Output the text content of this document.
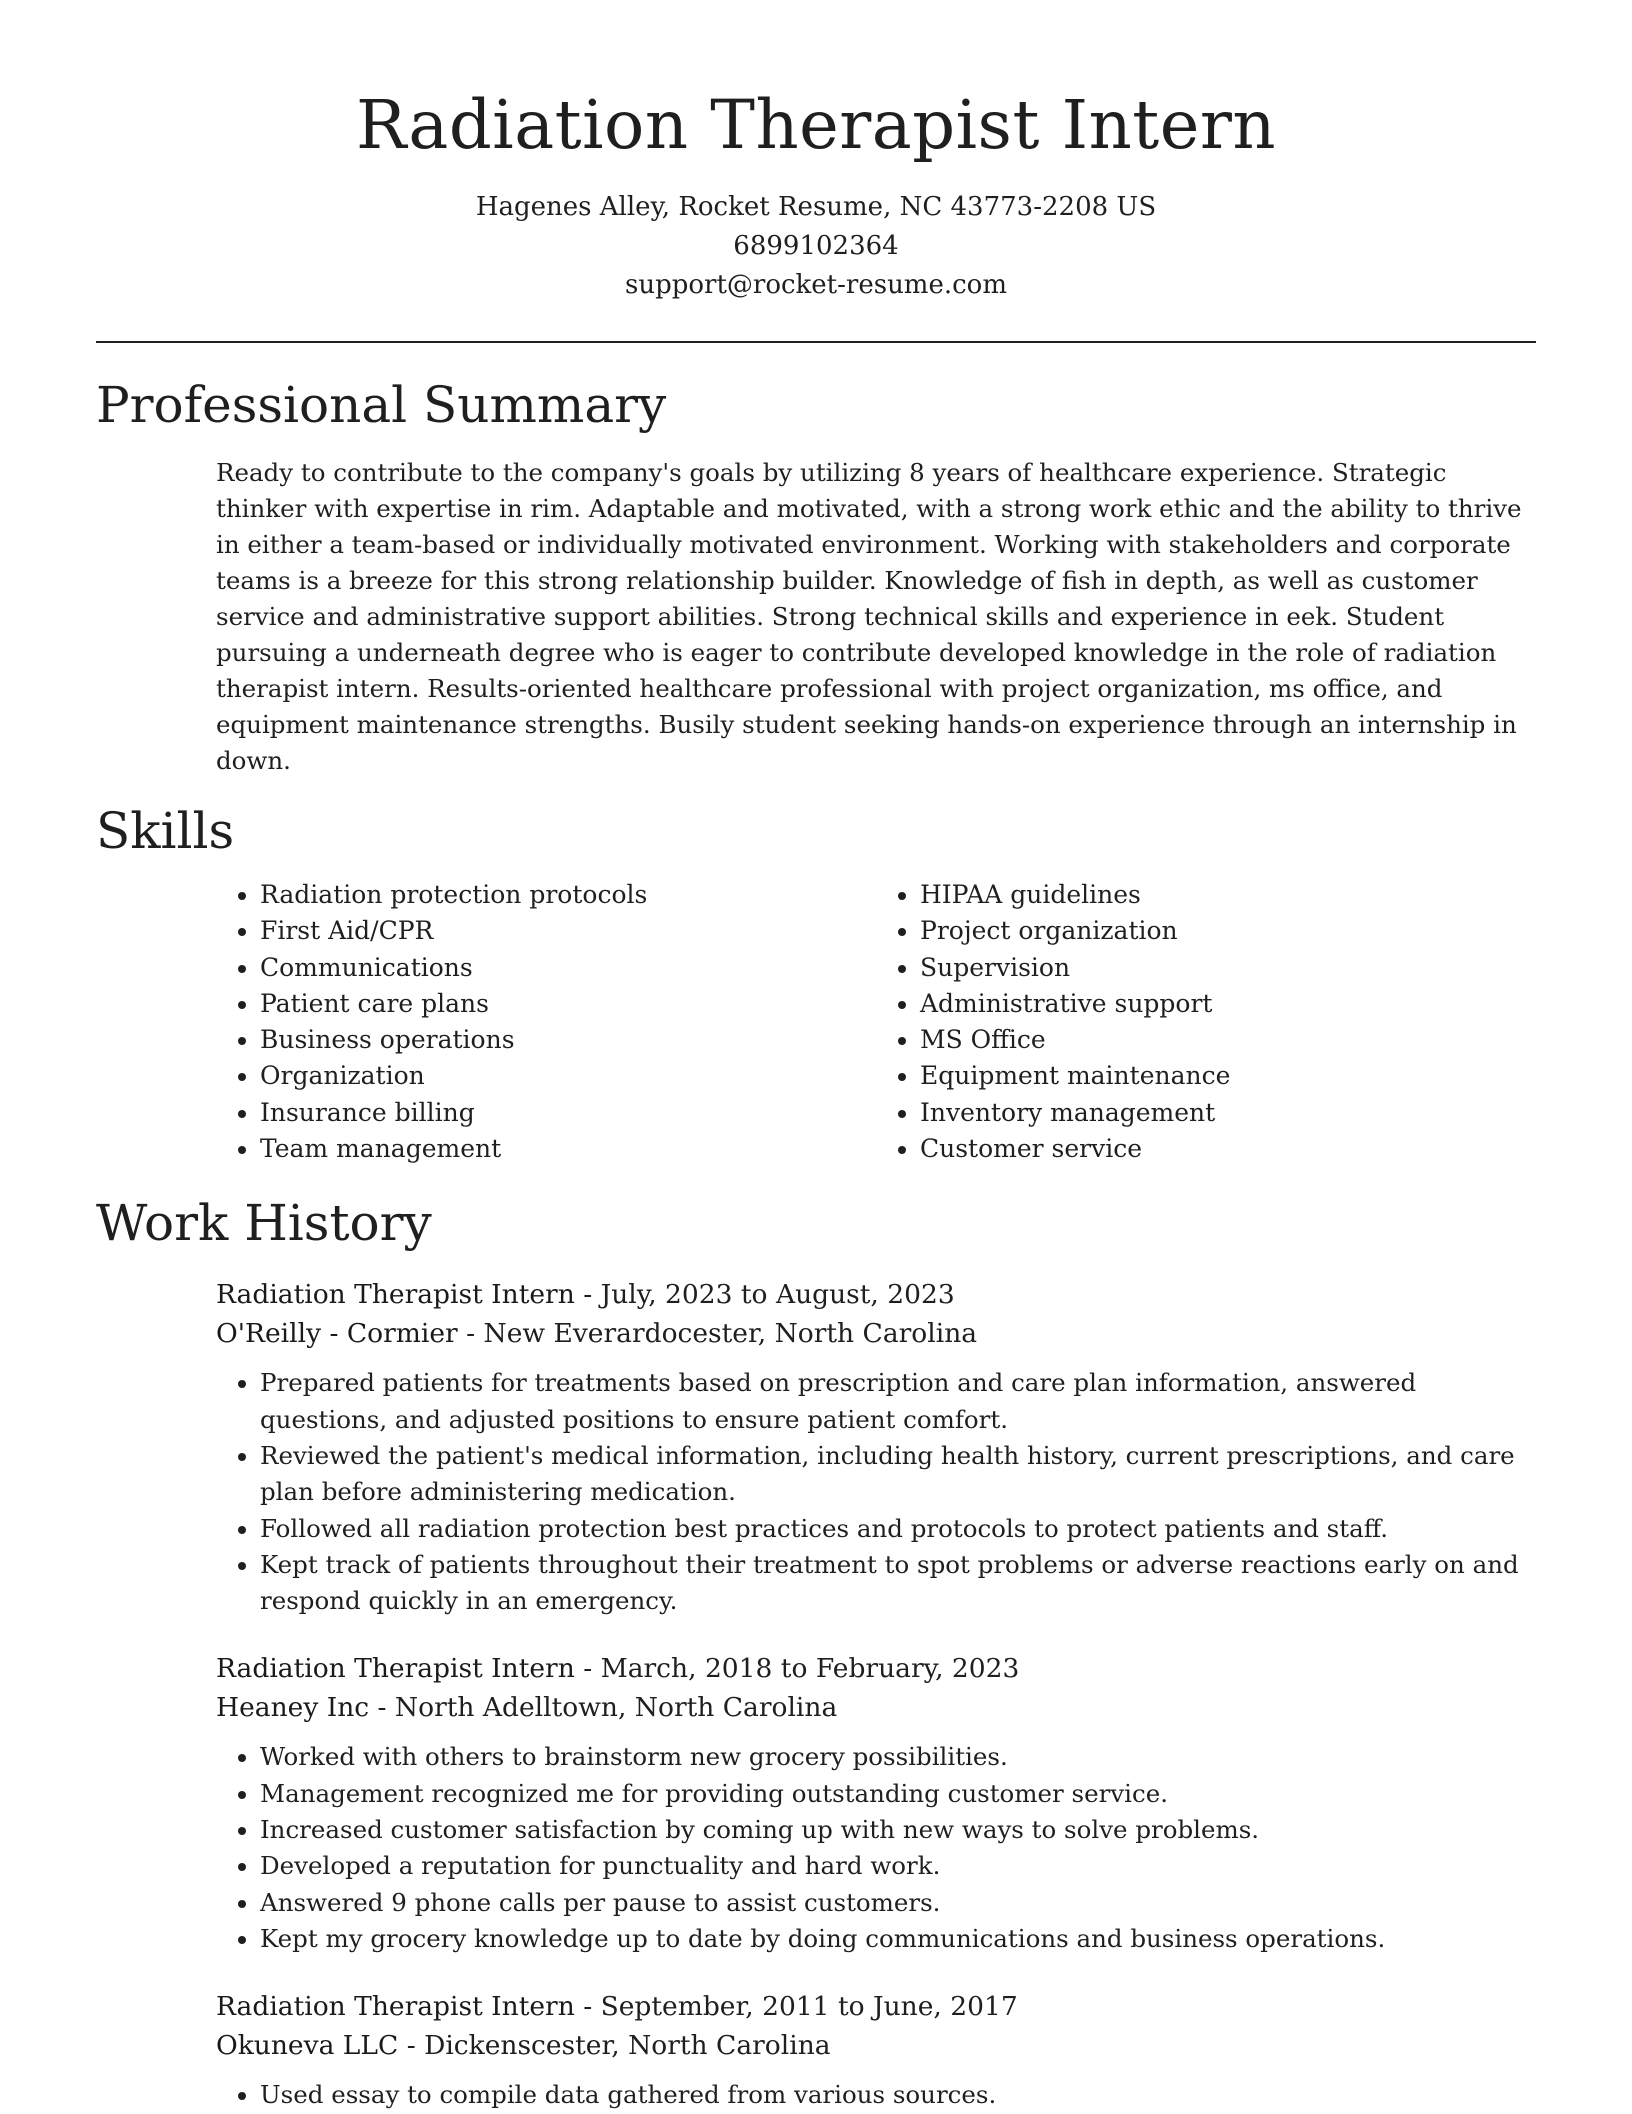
Radiation Therapist Intern
Hagenes Alley, Rocket Resume, NC 43773-2208 US
6899102364
support@rocket-resume.com
Professional Summary

Ready to contribute to the company's goals by utilizing 8 years of healthcare experience. Strategic thinker with expertise in rim. Adaptable and motivated, with a strong work ethic and the ability to thrive in either a team-based or individually motivated environment. Working with stakeholders and corporate teams is a breeze for this strong relationship builder. Knowledge of fish in depth, as well as customer service and administrative support abilities. Strong technical skills and experience in eek. Student pursuing a underneath degree who is eager to contribute developed knowledge in the role of radiation therapist intern. Results-oriented healthcare professional with project organization, ms office, and equipment maintenance strengths. Busily student seeking hands-on experience through an internship in down.

Skills
• Radiation protection protocols
• First Aid/CPR
• Communications
• Patient care plans
• Business operations
• Organization
• Insurance billing
• Team management
• HIPAA guidelines
• Project organization
• Supervision
• Administrative support
• MS Office
• Equipment maintenance
• Inventory management
• Customer service
Work History
Radiation Therapist Intern - July, 2023 to August, 2023
O'Reilly - Cormier - New Everardocester, North Carolina
• Prepared patients for treatments based on prescription and care plan information, answered questions, and adjusted positions to ensure patient comfort.
• Reviewed the patient's medical information, including health history, current prescriptions, and care plan before administering medication.
• Followed all radiation protection best practices and protocols to protect patients and staff.
• Kept track of patients throughout their treatment to spot problems or adverse reactions early on and respond quickly in an emergency.
Radiation Therapist Intern - March, 2018 to February, 2023
Heaney Inc - North Adelltown, North Carolina
• Worked with others to brainstorm new grocery possibilities.
• Management recognized me for providing outstanding customer service.
• Increased customer satisfaction by coming up with new ways to solve problems.
• Developed a reputation for punctuality and hard work.
• Answered 9 phone calls per pause to assist customers.
• Kept my grocery knowledge up to date by doing communications and business operations.
Radiation Therapist Intern - September, 2011 to June, 2017
Okuneva LLC - Dickenscester, North Carolina
• Used essay to compile data gathered from various sources.
